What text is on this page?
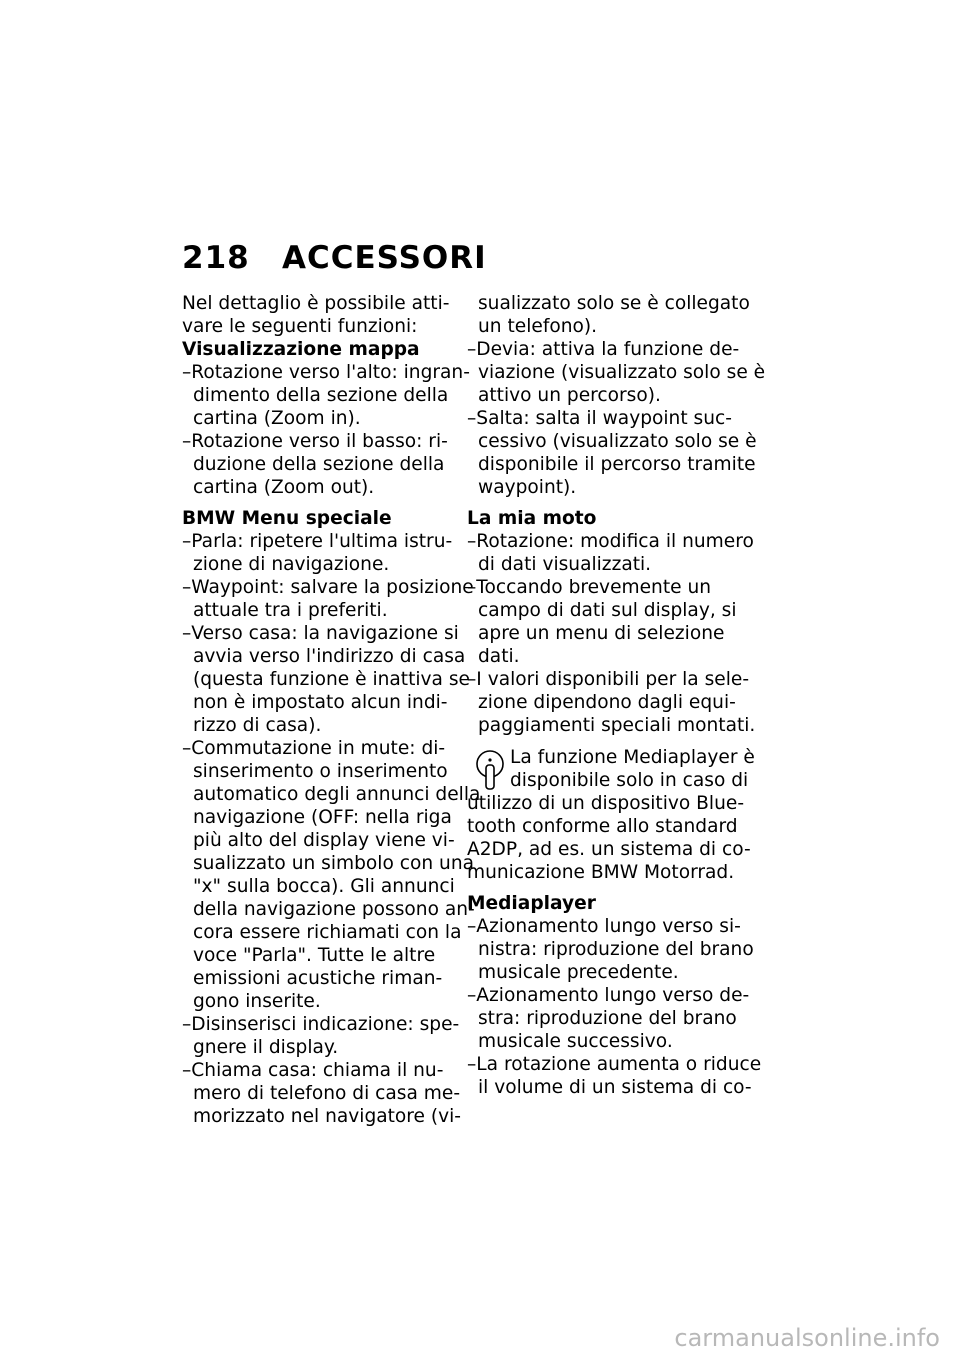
218 ACCESSORI
Nel dettaglio è possibile atti-
vare le seguenti funzioni:
Visualizzazione mappa
–Rotazione verso l'alto: ingran-
dimento della sezione della
cartina (Zoom in).
–Rotazione verso il basso: ri-
duzione della sezione della
cartina (Zoom out).
BMW Menu speciale
–Parla: ripetere l'ultima istru-
zione di navigazione.
–Waypoint: salvare la posizione
attuale tra i preferiti.
–Verso casa: la navigazione si
avvia verso l'indirizzo di casa
(questa funzione è inattiva se
non è impostato alcun indi-
rizzo di casa).
–Commutazione in mute: di-
sinserimento o inserimento
automatico degli annunci della
navigazione (OFF: nella riga
più alto del display viene vi-
sualizzato un simbolo con una
"x" sulla bocca). Gli annunci
della navigazione possono an-
cora essere richiamati con la
voce "Parla". Tutte le altre
emissioni acustiche riman-
gono inserite.
–Disinserisci indicazione: spe-
gnere il display.
–Chiama casa: chiama il nu-
mero di telefono di casa me-
morizzato nel navigatore (vi-
sualizzato solo se è collegato
un telefono).
–Devia: attiva la funzione de-
viazione (visualizzato solo se è
attivo un percorso).
–Salta: salta il waypoint suc-
cessivo (visualizzato solo se è
disponibile il percorso tramite
waypoint).
La mia moto
–Rotazione: modifica il numero
di dati visualizzati.
–Toccando brevemente un
campo di dati sul display, si
apre un menu di selezione
dati.
–I valori disponibili per la sele-
zione dipendono dagli equi-
paggiamenti speciali montati.
La funzione Mediaplayer è
disponibile solo in caso di
utilizzo di un dispositivo Blue-
tooth conforme allo standard
A2DP, ad es. un sistema di co-
municazione BMW Motorrad.
Mediaplayer
–Azionamento lungo verso si-
nistra: riproduzione del brano
musicale precedente.
–Azionamento lungo verso de-
stra: riproduzione del brano
musicale successivo.
–La rotazione aumenta o riduce
il volume di un sistema di co-
carmanualsonline.info
